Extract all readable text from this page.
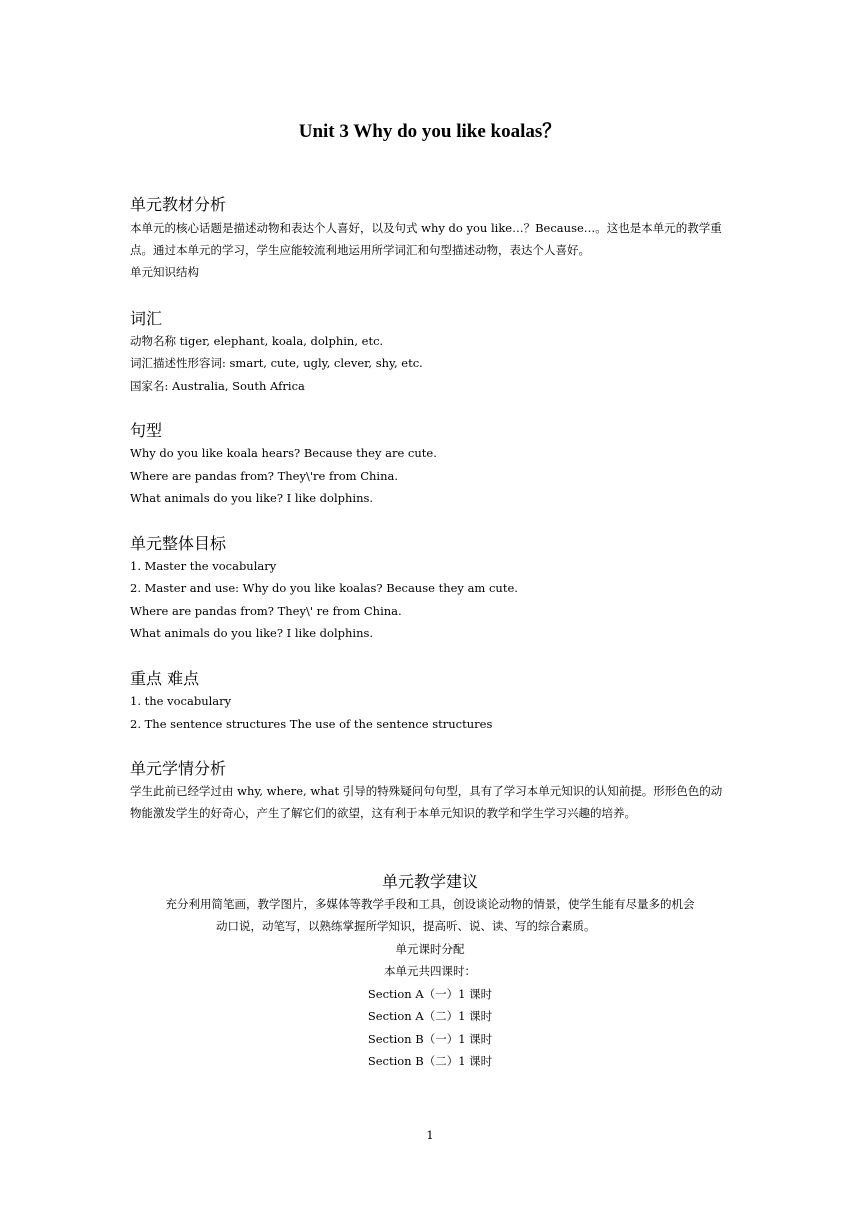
Unit 3 Why do you like koalas？
单元教材分析
本单元的核心话题是描述动物和表达个人喜好，以及句式 why do you like…？Because…。这也是本单元的教学重点。通过本单元的学习，学生应能较流利地运用所学词汇和句型描述动物，表达个人喜好。
单元知识结构
词汇
动物名称 tiger, elephant, koala, dolphin, etc.
词汇描述性形容词: smart, cute, ugly, clever, shy, etc.
国家名: Australia, South Africa
句型
Why do you like koala hears? Because they are cute.
Where are pandas from? They\'re from China.
What animals do you like? I like dolphins.
单元整体目标
1. Master the vocabulary
2. Master and use: Why do you like koalas? Because they am cute.
Where are pandas from? They\' re from China.
What animals do you like? I like dolphins.
重点 难点
1. the vocabulary
2. The sentence structures The use of the sentence structures
单元学情分析
学生此前已经学过由 why, where, what 引导的特殊疑问句句型，具有了学习本单元知识的认知前提。形形色色的动物能激发学生的好奇心，产生了解它们的欲望，这有利于本单元知识的教学和学生学习兴趣的培养。
单元教学建议
充分利用简笔画，教学图片，多媒体等教学手段和工具，创设谈论动物的情景，使学生能有尽量多的机会
动口说，动笔写，以熟练掌握所学知识，提高听、说、读、写的综合素质。
单元课时分配
本单元共四课时：
Section A（一）1 课时
Section A（二）1 课时
Section B（一）1 课时
Section B（二）1 课时
1
